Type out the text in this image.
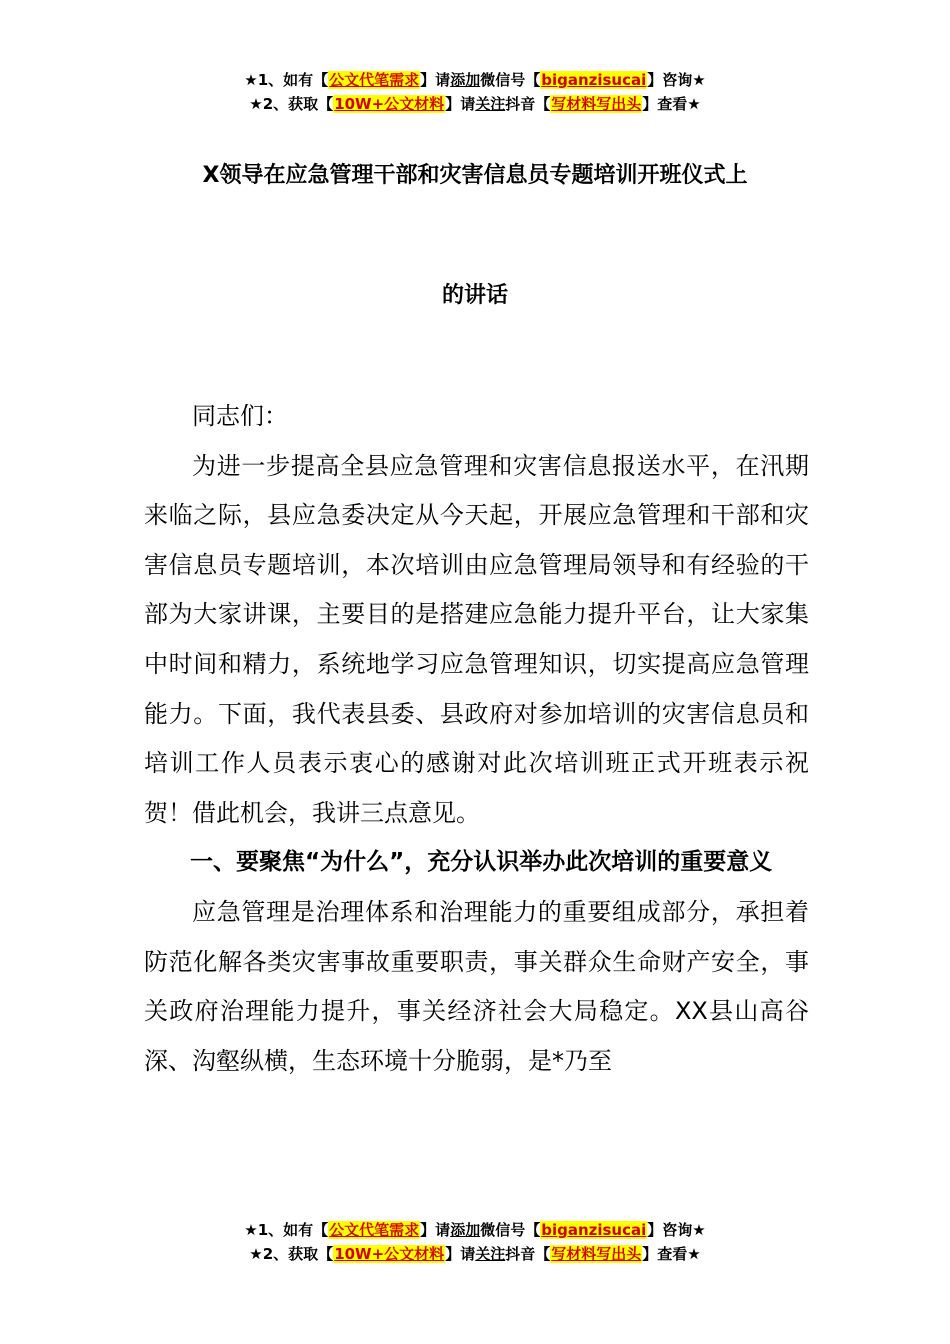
★1、如有【公文代笔需求】请添加微信号【biganzisucai】咨询★
★2、获取【10W+公文材料】请关注抖音【写材料写出头】查看★
X领导在应急管理干部和灾害信息员专题培训开班仪式上
的讲话

同志们：

为进一步提高全县应急管理和灾害信息报送水平，在汛期来临之际，县应急委决定从今天起，开展应急管理和干部和灾害信息员专题培训，本次培训由应急管理局领导和有经验的干部为大家讲课，主要目的是搭建应急能力提升平台，让大家集中时间和精力，系统地学习应急管理知识，切实提高应急管理能力。下面，我代表县委、县政府对参加培训的灾害信息员和培训工作人员表示衷心的感谢对此次培训班正式开班表示祝贺！借此机会，我讲三点意见。

一、要聚焦“为什么”，充分认识举办此次培训的重要意义

应急管理是治理体系和治理能力的重要组成部分，承担着防范化解各类灾害事故重要职责，事关群众生命财产安全，事关政府治理能力提升，事关经济社会大局稳定。XX县山高谷深、沟壑纵横，生态环境十分脆弱，是*乃至

★1、如有【公文代笔需求】请添加微信号【biganzisucai】咨询★
★2、获取【10W+公文材料】请关注抖音【写材料写出头】查看★
